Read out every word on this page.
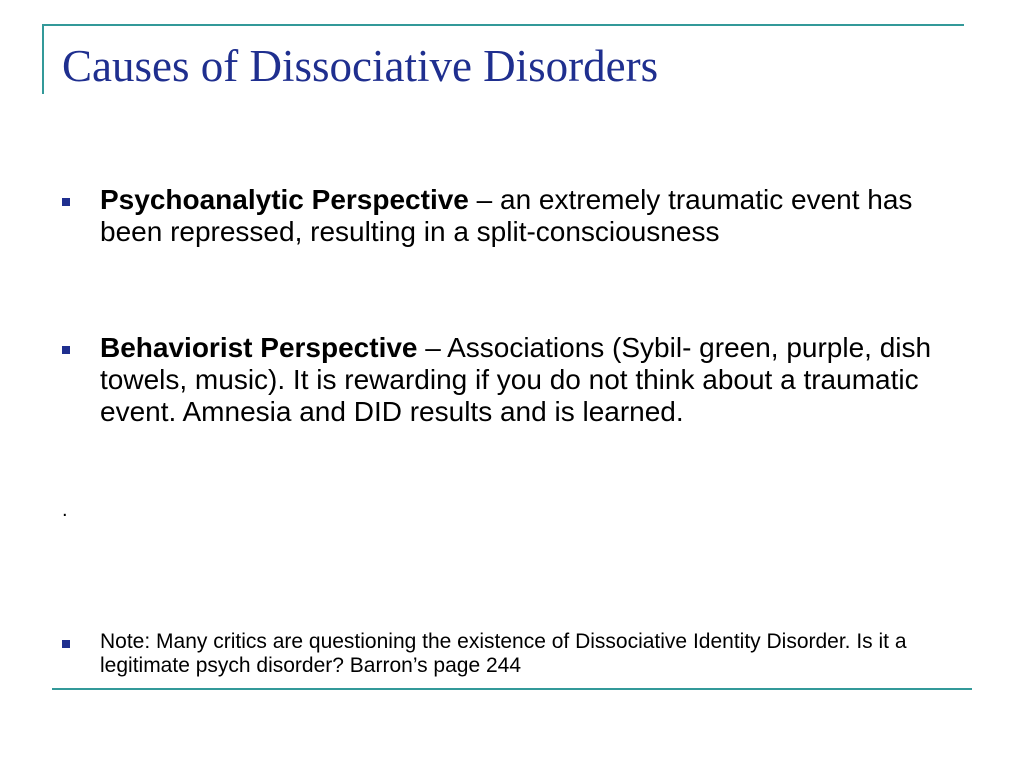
Causes of Dissociative Disorders
Psychoanalytic Perspective – an extremely traumatic event has been repressed, resulting in a split-consciousness
Behaviorist Perspective – Associations (Sybil- green, purple, dish towels, music). It is rewarding if you do not think about a traumatic event. Amnesia and DID results and is learned.
Note: Many critics are questioning the existence of Dissociative Identity Disorder. Is it a legitimate psych disorder? Barron’s page 244
.
